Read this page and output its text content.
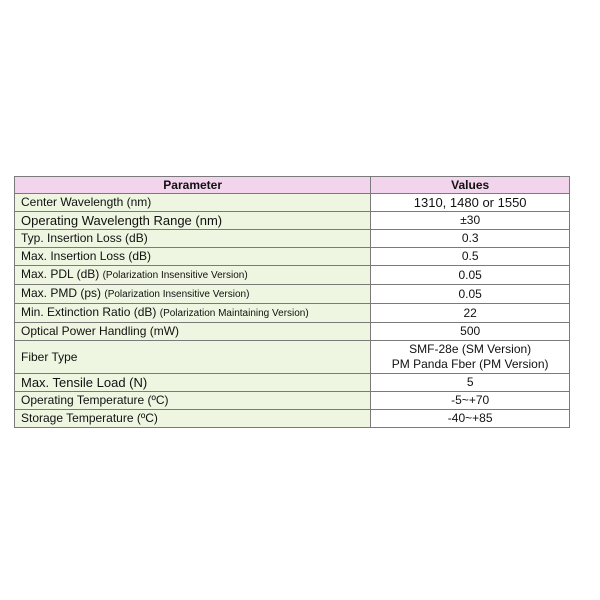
Parameter	Values
Center Wavelength (nm)	1310, 1480 or 1550
Operating Wavelength Range (nm)	±30
Typ. Insertion Loss (dB)	0.3
Max. Insertion Loss (dB)	0.5
Max. PDL (dB) (Polarization Insensitive Version)	0.05
Max. PMD (ps) (Polarization Insensitive Version)	0.05
Min. Extinction Ratio (dB) (Polarization Maintaining Version)	22
Optical Power Handling (mW)	500
Fiber Type	SMF-28e (SM Version)
PM Panda Fber (PM Version)

Max. Tensile Load (N)	5
Operating Temperature (ºC)	-5~+70
Storage Temperature (ºC)	-40~+85
